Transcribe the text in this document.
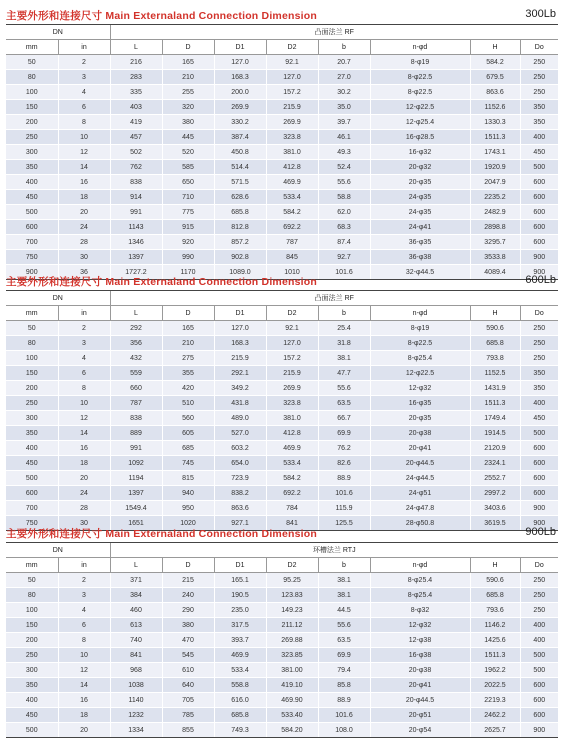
主要外形和连接尺寸 Main Externaland Connection Dimension	300Lb
DN		凸面法兰 RF							
mm	in	L	D	D1	D2	b	n-φd	H	Do
50	2	216	165	127.0	92.1	20.7	8-φ19	584.2	250
80	3	283	210	168.3	127.0	27.0	8-φ22.5	679.5	250
100	4	335	255	200.0	157.2	30.2	8-φ22.5	863.6	250
150	6	403	320	269.9	215.9	35.0	12-φ22.5	1152.6	350
200	8	419	380	330.2	269.9	39.7	12-φ25.4	1330.3	350
250	10	457	445	387.4	323.8	46.1	16-φ28.5	1511.3	400
300	12	502	520	450.8	381.0	49.3	16-φ32	1743.1	450
350	14	762	585	514.4	412.8	52.4	20-φ32	1920.9	500
400	16	838	650	571.5	469.9	55.6	20-φ35	2047.9	600
450	18	914	710	628.6	533.4	58.8	24-φ35	2235.2	600
500	20	991	775	685.8	584.2	62.0	24-φ35	2482.9	600
600	24	1143	915	812.8	692.2	68.3	24-φ41	2898.8	600
700	28	1346	920	857.2	787	87.4	36-φ35	3295.7	600
750	30	1397	990	902.8	845	92.7	36-φ38	3533.8	900
900	36	1727.2	1170	1089.0	1010	101.6	32-φ44.5	4089.4	900
主要外形和连接尺寸 Main Externaland Connection Dimension	600Lb
DN		凸面法兰 RF							
mm	in	L	D	D1	D2	b	n-φd	H	Do
50	2	292	165	127.0	92.1	25.4	8-φ19	590.6	250
80	3	356	210	168.3	127.0	31.8	8-φ22.5	685.8	250
100	4	432	275	215.9	157.2	38.1	8-φ25.4	793.8	250
150	6	559	355	292.1	215.9	47.7	12-φ22.5	1152.5	350
200	8	660	420	349.2	269.9	55.6	12-φ32	1431.9	350
250	10	787	510	431.8	323.8	63.5	16-φ35	1511.3	400
300	12	838	560	489.0	381.0	66.7	20-φ35	1749.4	450
350	14	889	605	527.0	412.8	69.9	20-φ38	1914.5	500
400	16	991	685	603.2	469.9	76.2	20-φ41	2120.9	600
450	18	1092	745	654.0	533.4	82.6	20-φ44.5	2324.1	600
500	20	1194	815	723.9	584.2	88.9	24-φ44.5	2552.7	600
600	24	1397	940	838.2	692.2	101.6	24-φ51	2997.2	600
700	28	1549.4	950	863.6	784	115.9	24-φ47.8	3403.6	900
750	30	1651	1020	927.1	841	125.5	28-φ50.8	3619.5	900
主要外形和连接尺寸 Main Externaland Connection Dimension	900Lb
DN		环槽法兰 RTJ							
mm	in	L	D	D1	D2	b	n-φd	H	Do
50	2	371	215	165.1	95.25	38.1	8-φ25.4	590.6	250
80	3	384	240	190.5	123.83	38.1	8-φ25.4	685.8	250
100	4	460	290	235.0	149.23	44.5	8-φ32	793.6	250
150	6	613	380	317.5	211.12	55.6	12-φ32	1146.2	400
200	8	740	470	393.7	269.88	63.5	12-φ38	1425.6	400
250	10	841	545	469.9	323.85	69.9	16-φ38	1511.3	500
300	12	968	610	533.4	381.00	79.4	20-φ38	1962.2	500
350	14	1038	640	558.8	419.10	85.8	20-φ41	2022.5	600
400	16	1140	705	616.0	469.90	88.9	20-φ44.5	2219.3	600
450	18	1232	785	685.8	533.40	101.6	20-φ51	2462.2	600
500	20	1334	855	749.3	584.20	108.0	20-φ54	2625.7	900
